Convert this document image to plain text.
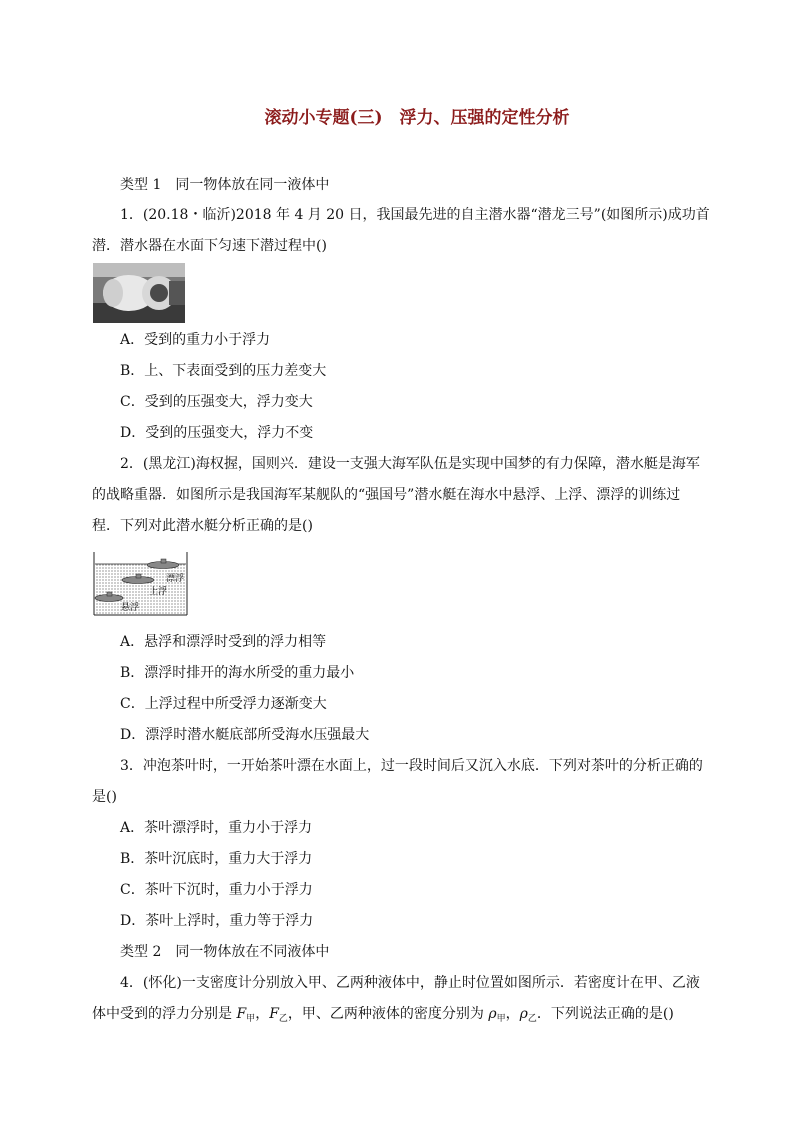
滚动小专题(三)　浮力、压强的定性分析
类型 1　同一物体放在同一液体中
1．(20.18・临沂)2018 年 4 月 20 日，我国最先进的自主潜水器“潜龙三号”(如图所示)成功首
潜．潜水器在水面下匀速下潜过程中()
A．受到的重力小于浮力
B．上、下表面受到的压力差变大
C．受到的压强变大，浮力变大
D．受到的压强变大，浮力不变
2．(黑龙江)海权握，国则兴．建设一支强大海军队伍是实现中国梦的有力保障，潜水艇是海军
的战略重器．如图所示是我国海军某舰队的“强国号”潜水艇在海水中悬浮、上浮、漂浮的训练过
程．下列对此潜水艇分析正确的是()
漂浮
上浮
悬浮
A．悬浮和漂浮时受到的浮力相等
B．漂浮时排开的海水所受的重力最小
C．上浮过程中所受浮力逐渐变大
D．漂浮时潜水艇底部所受海水压强最大
3．冲泡茶叶时，一开始茶叶漂在水面上，过一段时间后又沉入水底．下列对茶叶的分析正确的
是()
A．茶叶漂浮时，重力小于浮力
B．茶叶沉底时，重力大于浮力
C．茶叶下沉时，重力小于浮力
D．茶叶上浮时，重力等于浮力
类型 2　同一物体放在不同液体中
4．(怀化)一支密度计分别放入甲、乙两种液体中，静止时位置如图所示．若密度计在甲、乙液
体中受到的浮力分别是 $F_甲$，$F_乙$，甲、乙两种液体的密度分别为 $\rho_甲$，$\rho_乙$．下列说法正确的是()
